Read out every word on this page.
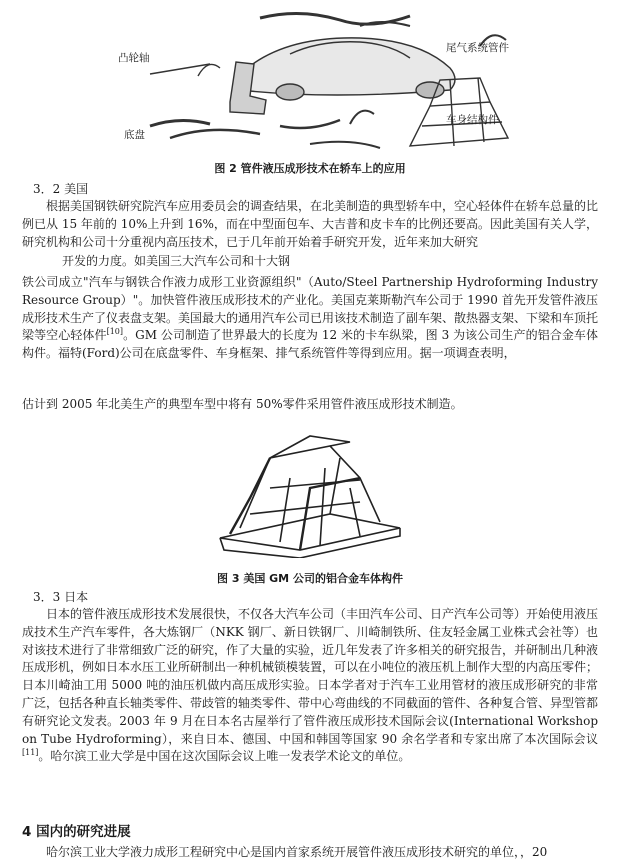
凸轮轴
尾气系统管件
底盘
车身结构件
图 2 管件液压成形技术在轿车上的应用
3．2 美国

根据美国钢铁研究院汽车应用委员会的调查结果，在北美制造的典型轿车中，空心轻体件在轿车总量的比例已从 15 年前的 10%上升到 16%，而在中型面包车、大吉普和皮卡车的比例还要高。因此美国有关人学，研究机构和公司十分重视内高压技术，已于几年前开始着手研究开发，近年来加大研究

开发的力度。如美国三大汽车公司和十大钢

铁公司成立"汽车与钢铁合作液力成形工业资源组织"（Auto/Steel Partnership Hydroforming Industry Resource Group）"。加快管件液压成形技术的产业化。美国克莱斯勒汽车公司于 1990 首先开发管件液压成形技术生产了仪表盘支架。美国最大的通用汽车公司已用该技术制造了副车架、散热器支架、下梁和车顶托梁等空心轻体件[10]。GM 公司制造了世界最大的长度为 12 米的卡车纵梁，图 3 为该公司生产的铝合金车体构件。福特(Ford)公司在底盘零件、车身框架、排气系统管件等得到应用。据一项调查表明，

估计到 2005 年北美生产的典型车型中将有 50%零件采用管件液压成形技术制造。
图 3 美国 GM 公司的铝合金车体构件
3．3 日本

日本的管件液压成形技术发展很快，不仅各大汽车公司（丰田汽车公司、日产汽车公司等）开始使用液压成技术生产汽车零件，各大炼钢厂（NKK 钢厂、新日铁钢厂、川崎制铁所、住友轻金属工业株式会社等）也对该技术进行了非常细致广泛的研究，作了大量的实验，近几年发表了许多相关的研究报告，并研制出几种液压成形机，例如日本水压工业所研制出一种机械锁模装置，可以在小吨位的液压机上制作大型的内高压零件；日本川崎油工用 5000 吨的油压机做内高压成形实验。日本学者对于汽车工业用管材的液压成形研究的非常广泛，包括各种直长轴类零件、带歧管的轴类零件、带中心弯曲线的不同截面的管件、各种复合管、异型管都有研究论文发表。2003 年 9 月在日本名古屋举行了管件液压成形技术国际会议(International Workshop on Tube Hydroforming），来自日本、德国、中国和韩国等国家 90 余名学者和专家出席了本次国际会议[11]。哈尔滨工业大学是中国在这次国际会议上唯一发表学术论文的单位。

4 国内的研究进展
哈尔滨工业大学液力成形工程研究中心是国内首家系统开展管件液压成形技术研究的单位，，20
